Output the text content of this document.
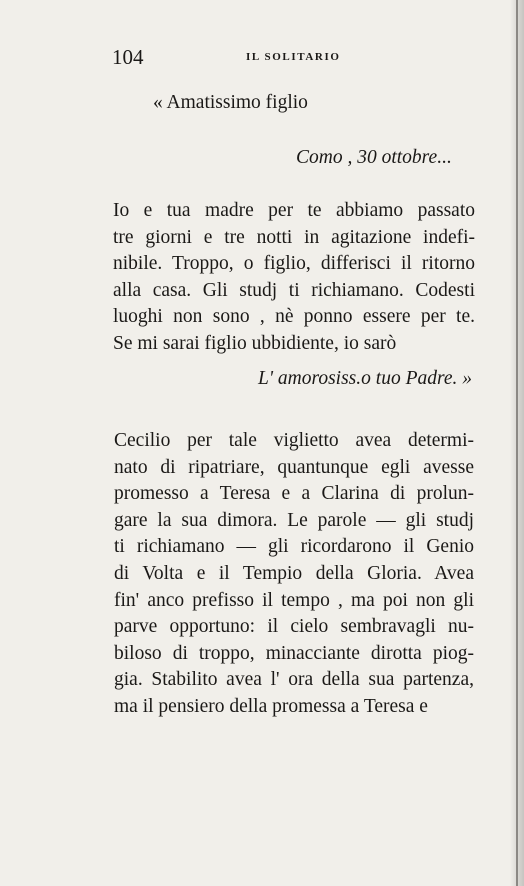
104	IL SOLITARIO
« Amatissimo figlio
Como , 30 ottobre...
Io e tua madre per te abbiamo passato
tre giorni e tre notti in agitazione indefi-
nibile. Troppo, o figlio, differisci il ritorno
alla casa. Gli studj ti richiamano. Codesti
luoghi non sono , nè ponno essere per te.
Se mi sarai figlio ubbidiente, io sarò
L' amorosiss.o tuo Padre. »
Cecilio per tale viglietto avea determi-
nato di ripatriare, quantunque egli avesse
promesso a Teresa e a Clarina di prolun-
gare la sua dimora. Le parole — gli studj
ti richiamano — gli ricordarono il Genio
di Volta e il Tempio della Gloria. Avea
fin' anco prefisso il tempo , ma poi non gli
parve opportuno: il cielo sembravagli nu-
biloso di troppo, minacciante dirotta piog-
gia. Stabilito avea l' ora della sua partenza,
ma il pensiero della promessa a Teresa e
